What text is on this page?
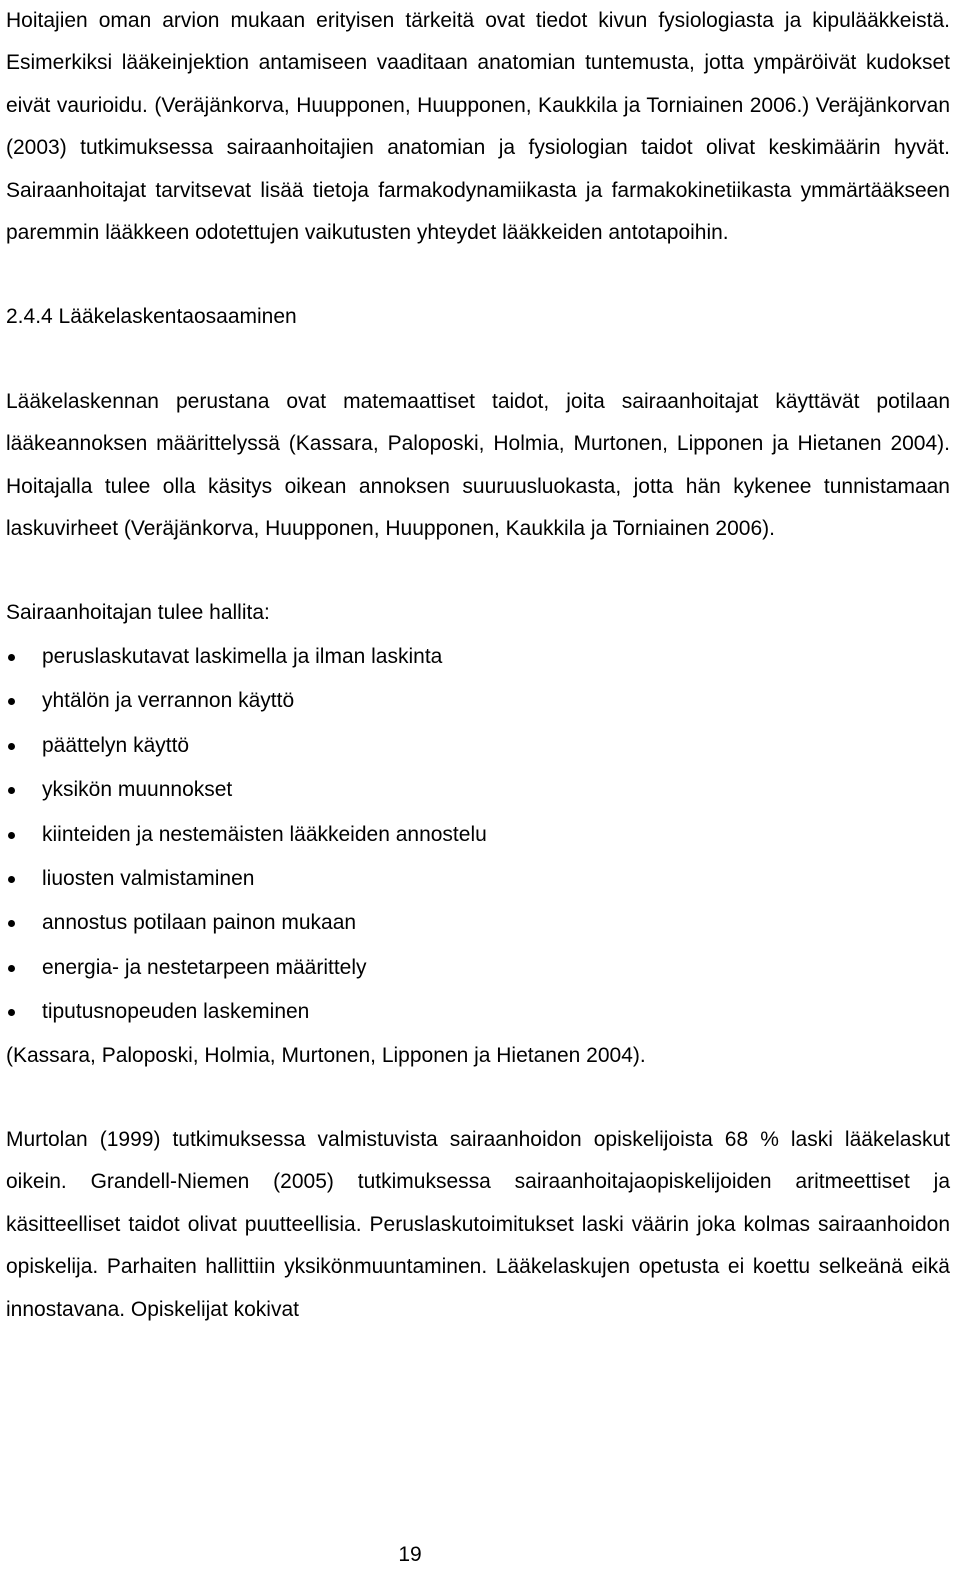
Hoitajien oman arvion mukaan erityisen tärkeitä ovat tiedot kivun fysiologiasta ja kipulääkkeistä. Esimerkiksi lääkeinjektion antamiseen vaaditaan anatomian tuntemusta, jotta ympäröivät kudokset eivät vaurioidu. (Veräjänkorva, Huupponen, Huupponen, Kaukkila ja Torniainen 2006.) Veräjänkorvan (2003) tutkimuksessa sairaanhoitajien anatomian ja fysiologian taidot olivat keskimäärin hyvät. Sairaanhoitajat tarvitsevat lisää tietoja farmakodynamiikasta ja farmakokinetiikasta ymmärtääkseen paremmin lääkkeen odotettujen vaikutusten yhteydet lääkkeiden antotapoihin.

2.4.4 Lääkelaskentaosaaminen

Lääkelaskennan perustana ovat matemaattiset taidot, joita sairaanhoitajat käyttävät potilaan lääkeannoksen määrittelyssä (Kassara, Paloposki, Holmia, Murtonen, Lipponen ja Hietanen 2004). Hoitajalla tulee olla käsitys oikean annoksen suuruusluokasta, jotta hän kykenee tunnistamaan laskuvirheet (Veräjänkorva, Huupponen, Huupponen, Kaukkila ja Torniainen 2006).

Sairaanhoitajan tulee hallita:

peruslaskutavat laskimella ja ilman laskinta
yhtälön ja verrannon käyttö
päättelyn käyttö
yksikön muunnokset
kiinteiden ja nestemäisten lääkkeiden annostelu
liuosten valmistaminen
annostus potilaan painon mukaan
energia- ja nestetarpeen määrittely
tiputusnopeuden laskeminen

(Kassara, Paloposki, Holmia, Murtonen, Lipponen ja Hietanen 2004).

Murtolan (1999) tutkimuksessa valmistuvista sairaanhoidon opiskelijoista 68 % laski lääkelaskut oikein. Grandell-Niemen (2005) tutkimuksessa sairaanhoitajaopiskelijoiden aritmeettiset ja käsitteelliset taidot olivat puutteellisia. Peruslaskutoimitukset laski väärin joka kolmas sairaanhoidon opiskelija. Parhaiten hallittiin yksikönmuuntaminen. Lääkelaskujen opetusta ei koettu selkeänä eikä innostavana. Opiskelijat kokivat

19
